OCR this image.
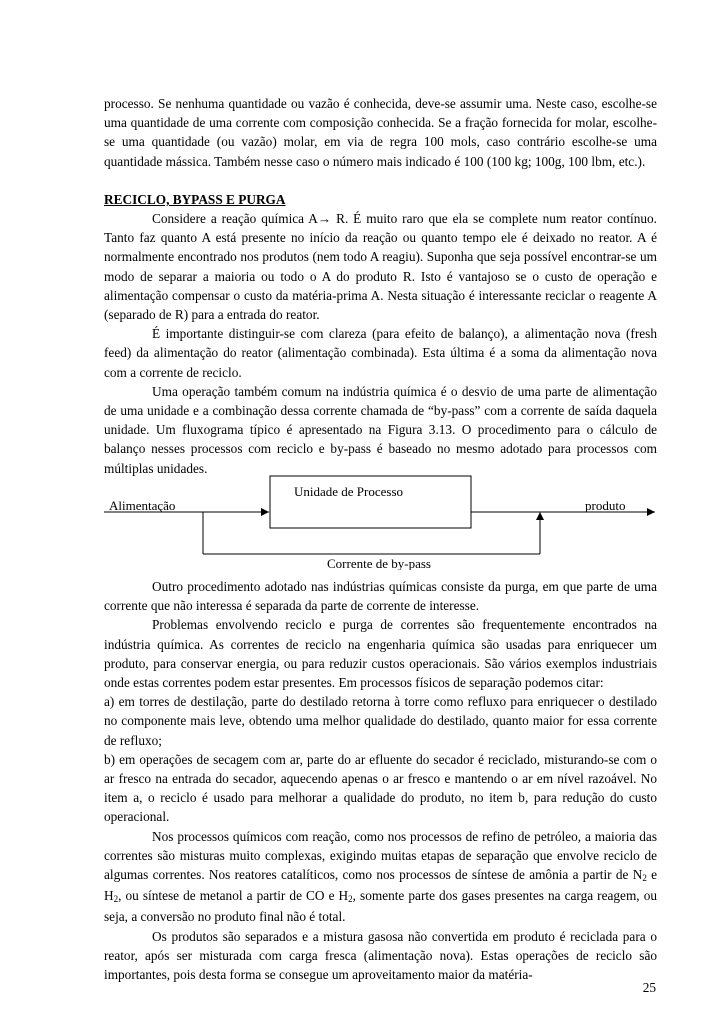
processo. Se nenhuma quantidade ou vazão é conhecida, deve-se assumir uma. Neste caso, escolhe-se uma quantidade de uma corrente com composição conhecida. Se a fração fornecida for molar, escolhe-se uma quantidade (ou vazão) molar, em via de regra 100 mols, caso contrário escolhe-se uma quantidade mássica. Também nesse caso o número mais indicado é 100 (100 kg; 100g, 100 lbm, etc.).

RECICLO, BYPASS E PURGA

Considere a reação química A→ R. É muito raro que ela se complete num reator contínuo. Tanto faz quanto A está presente no início da reação ou quanto tempo ele é deixado no reator. A é normalmente encontrado nos produtos (nem todo A reagiu). Suponha que seja possível encontrar-se um modo de separar a maioria ou todo o A do produto R. Isto é vantajoso se o custo de operação e alimentação compensar o custo da matéria-prima A. Nesta situação é interessante reciclar o reagente A (separado de R) para a entrada do reator.

É importante distinguir-se com clareza (para efeito de balanço), a alimentação nova (fresh feed) da alimentação do reator (alimentação combinada). Esta última é a soma da alimentação nova com a corrente de reciclo.

Uma operação também comum na indústria química é o desvio de uma parte de alimentação de uma unidade e a combinação dessa corrente chamada de “by-pass” com a corrente de saída daquela unidade. Um fluxograma típico é apresentado na Figura 3.13. O procedimento para o cálculo de balanço nesses processos com reciclo e by-pass é baseado no mesmo adotado para processos com múltiplas unidades.

Unidade de Processo
Alimentação	produto
Corrente de by-pass

Outro procedimento adotado nas indústrias químicas consiste da purga, em que parte de uma corrente que não interessa é separada da parte de corrente de interesse.

Problemas envolvendo reciclo e purga de correntes são frequentemente encontrados na indústria química. As correntes de reciclo na engenharia química são usadas para enriquecer um produto, para conservar energia, ou para reduzir custos operacionais. São vários exemplos industriais onde estas correntes podem estar presentes. Em processos físicos de separação podemos citar:

a) em torres de destilação, parte do destilado retorna à torre como refluxo para enriquecer o destilado no componente mais leve, obtendo uma melhor qualidade do destilado, quanto maior for essa corrente de refluxo;

b) em operações de secagem com ar, parte do ar efluente do secador é reciclado, misturando-se com o ar fresco na entrada do secador, aquecendo apenas o ar fresco e mantendo o ar em nível razoável. No item a, o reciclo é usado para melhorar a qualidade do produto, no item b, para redução do custo operacional.

Nos processos químicos com reação, como nos processos de refino de petróleo, a maioria das correntes são misturas muito complexas, exigindo muitas etapas de separação que envolve reciclo de algumas correntes. Nos reatores catalíticos, como nos processos de síntese de amônia a partir de $N_2$ e $H_2$, ou síntese de metanol a partir de CO e $H_2$, somente parte dos gases presentes na carga reagem, ou seja, a conversão no produto final não é total.

Os produtos são separados e a mistura gasosa não convertida em produto é reciclada para o reator, após ser misturada com carga fresca (alimentação nova). Estas operações de reciclo são importantes, pois desta forma se consegue um aproveitamento maior da matéria-

25
